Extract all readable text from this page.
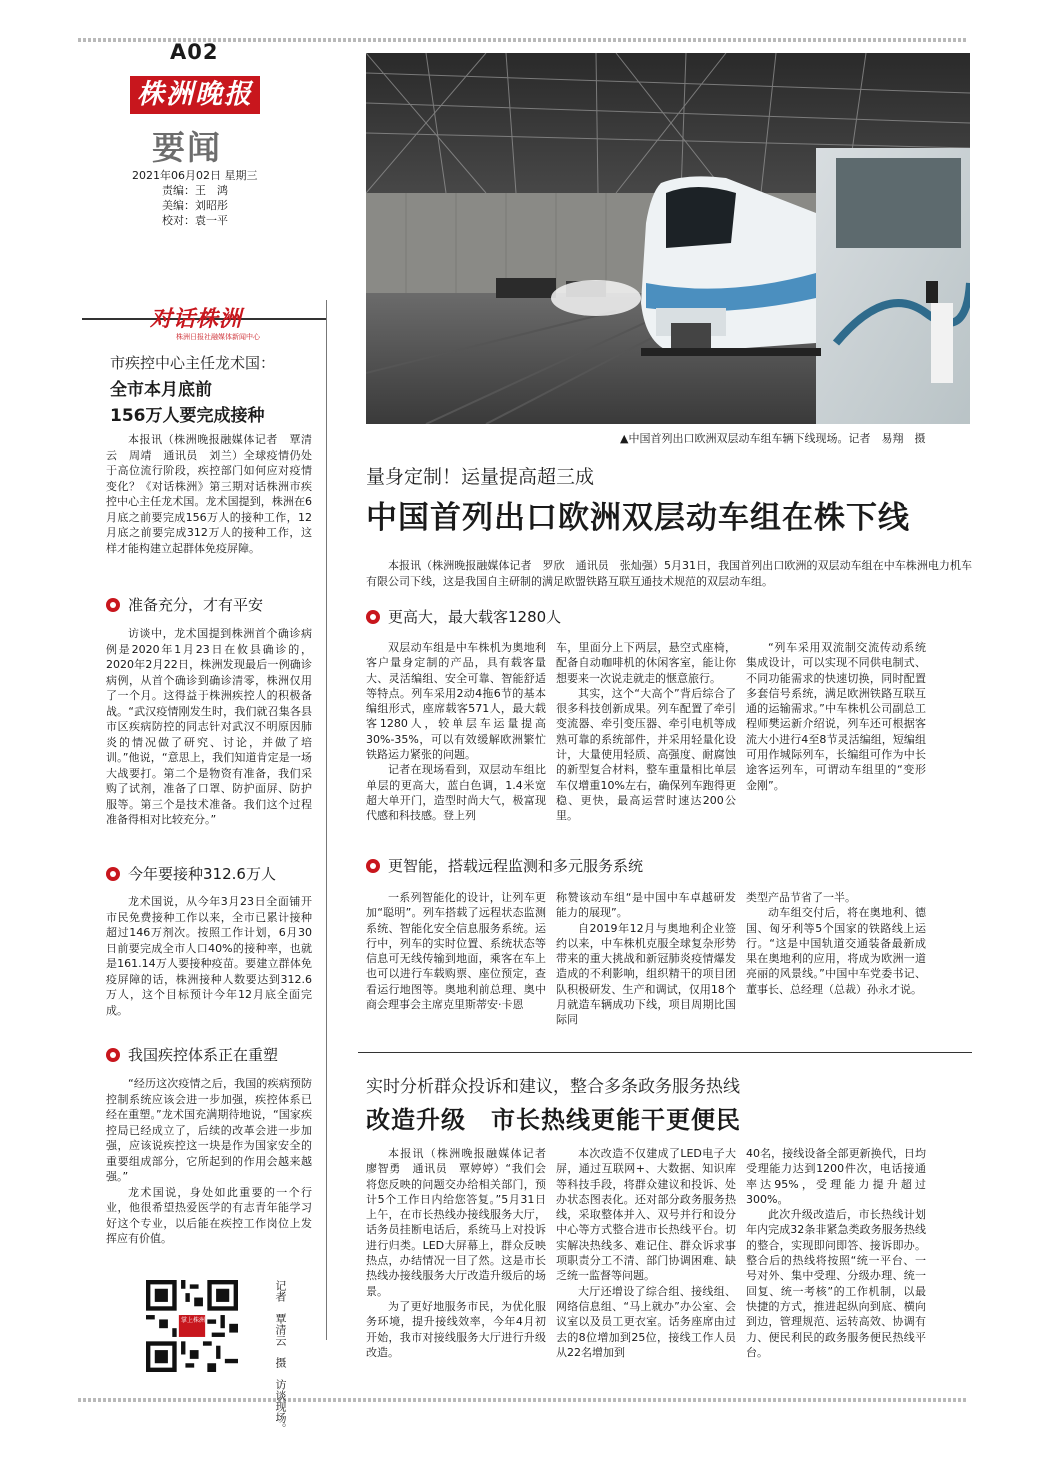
A02
株洲晚报
要闻
2021年06月02日 星期三
责编：王　鸿
美编：刘昭彤
校对：袁一平
对话株洲
株洲日报社融媒体新闻中心
市疾控中心主任龙术国：
全市本月底前
156万人要完成接种

本报讯（株洲晚报融媒体记者　覃清云　周靖　通讯员　刘兰）全球疫情仍处于高位流行阶段，疾控部门如何应对疫情变化？《对话株洲》第三期对话株洲市疾控中心主任龙术国。龙术国提到，株洲在6月底之前要完成156万人的接种工作，12月底之前要完成312万人的接种工作，这样才能构建立起群体免疫屏障。

准备充分，才有平安

访谈中，龙术国提到株洲首个确诊病例是2020年1月23日在攸县确诊的，2020年2月22日，株洲发现最后一例确诊病例，从首个确诊到确诊清零，株洲仅用了一个月。这得益于株洲疾控人的积极备战。“武汉疫情刚发生时，我们就召集各县市区疾病防控的同志针对武汉不明原因肺炎的情况做了研究、讨论，并做了培训。”他说，“意思上，我们知道肯定是一场大战要打。第二个是物资有准备，我们采购了试剂，准备了口罩、防护面屏、防护服等。第三个是技术准备。我们这个过程准备得相对比较充分。”

今年要接种312.6万人

龙术国说，从今年3月23日全面铺开市民免费接种工作以来，全市已累计接种超过146万剂次。按照工作计划，6月30日前要完成全市人口40%的接种率，也就是161.14万人要接种疫苗。要建立群体免疫屏障的话，株洲接种人数要达到312.6万人，这个目标预计今年12月底全面完成。

我国疾控体系正在重塑

“经历这次疫情之后，我国的疾病预防控制系统应该会进一步加强，疾控体系已经在重塑。”龙术国充满期待地说，“国家疾控局已经成立了，后续的改革会进一步加强，应该说疾控这一块是作为国家安全的重要组成部分，它所起到的作用会越来越强。”

龙术国说，身处如此重要的一个行业，他很希望热爱医学的有志青年能学习好这个专业，以后能在疾控工作岗位上发挥应有价值。

掌上株洲	记者　覃清云　摄　访谈现场。
▲中国首列出口欧洲双层动车组车辆下线现场。记者　易翔　摄
量身定制！运量提高超三成
中国首列出口欧洲双层动车组在株下线

本报讯（株洲晚报融媒体记者　罗欣　通讯员　张灿强）5月31日，我国首列出口欧洲的双层动车组在中车株洲电力机车有限公司下线，这是我国自主研制的满足欧盟铁路互联互通技术规范的双层动车组。

更高大，最大载客1280人

双层动车组是中车株机为奥地利客户量身定制的产品，具有载客量大、灵活编组、安全可靠、智能舒适等特点。列车采用2动4拖6节的基本编组形式，座席载客571人，最大载客1280人，较单层车运量提高30%-35%，可以有效缓解欧洲繁忙铁路运力紧张的问题。

记者在现场看到，双层动车组比单层的更高大，蓝白色调，1.4米宽超大单开门，造型时尚大气，极富现代感和科技感。登上列

车，里面分上下两层，悬空式座椅，配备自动咖啡机的休闲客室，能让你想要来一次说走就走的惬意旅行。

其实，这个“大高个”背后综合了很多科技创新成果。列车配置了牵引变流器、牵引变压器、牵引电机等成熟可靠的系统部件，并采用轻量化设计，大量使用轻质、高强度、耐腐蚀的新型复合材料，整车重量相比单层车仅增重10%左右，确保列车跑得更稳、更快，最高运营时速达200公里。

“列车采用双流制交流传动系统集成设计，可以实现不同供电制式、不同功能需求的快速切换，同时配置多套信号系统，满足欧洲铁路互联互通的运输需求。”中车株机公司副总工程师樊运新介绍说，列车还可根据客流大小进行4至8节灵活编组，短编组可用作城际列车，长编组可作为中长途客运列车，可谓动车组里的“变形金刚”。

更智能，搭载远程监测和多元服务系统

一系列智能化的设计，让列车更加“聪明”。列车搭载了远程状态监测系统、智能化安全信息服务系统。运行中，列车的实时位置、系统状态等信息可无线传输到地面，乘客在车上也可以进行车载购票、座位预定，查看运行地图等。奥地利前总理、奥中商会理事会主席克里斯蒂安·卡恩

称赞该动车组“是中国中车卓越研发能力的展现”。

自2019年12月与奥地利企业签约以来，中车株机克服全球复杂形势带来的重大挑战和新冠肺炎疫情爆发造成的不利影响，组织精干的项目团队积极研发、生产和调试，仅用18个月就造车辆成功下线，项目周期比国际同

类型产品节省了一半。

动车组交付后，将在奥地利、德国、匈牙利等5个国家的铁路线上运行。“这是中国轨道交通装备最新成果在奥地利的应用，将成为欧洲一道亮丽的风景线。”中国中车党委书记、董事长、总经理（总裁）孙永才说。

实时分析群众投诉和建议，整合多条政务服务热线
改造升级　市长热线更能干更便民

本报讯（株洲晚报融媒体记者　廖智勇　通讯员　覃婷婷）“我们会将您反映的问题交办给相关部门，预计5个工作日内给您答复。”5月31日上午，在市长热线办接线服务大厅，话务员挂断电话后，系统马上对投诉进行归类。LED大屏幕上，群众反映热点，办结情况一目了然。这是市长热线办接线服务大厅改造升级后的场景。

为了更好地服务市民，为优化服务环境，提升接线效率，今年4月初开始，我市对接线服务大厅进行升级改造。

本次改造不仅建成了LED电子大屏，通过互联网+、大数据、知识库等科技手段，将群众建议和投诉、处办状态图表化。还对部分政务服务热线，采取整体并入、双号并行和设分中心等方式整合进市长热线平台。切实解决热线多、难记住、群众诉求事项职责分工不清、部门协调困难、缺乏统一监督等问题。

大厅还增设了综合组、接线组、网络信息组、“马上就办”办公室、会议室以及员工更衣室。话务座席由过去的8位增加到25位，接线工作人员从22名增加到

40名，接线设备全部更新换代，日均受理能力达到1200件次，电话接通率达95%，受理能力提升超过300%。

此次升级改造后，市长热线计划年内完成32条非紧急类政务服务热线的整合，实现即问即答、接诉即办。整合后的热线将按照“统一平台、一号对外、集中受理、分级办理、统一回复、统一考核”的工作机制，以最快捷的方式，推进起纵向到底、横向到边，管理规范、运转高效、协调有力、便民利民的政务服务便民热线平台。
